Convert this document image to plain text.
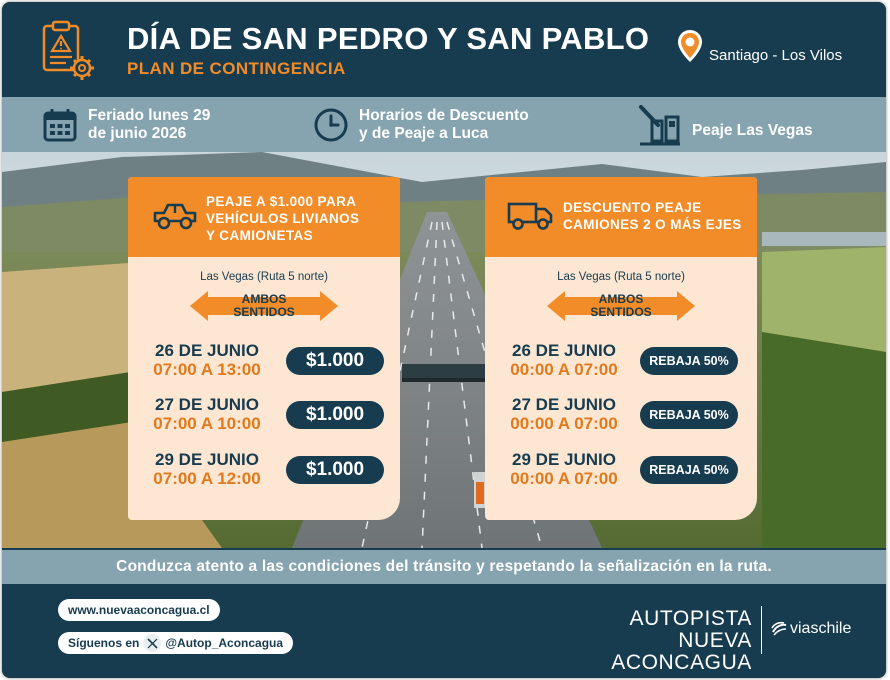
DÍA DE SAN PEDRO Y SAN PABLO
PLAN DE CONTINGENCIA
Santiago - Los Vilos
Feriado lunes 29
de junio 2026
Horarios de Descuento
y de Peaje a Luca	Peaje Las Vegas
PEAJE A $1.000 PARA
VEHÍCULOS LIVIANOS
Y CAMIONETAS
Las Vegas (Ruta 5 norte)
AMBOS
SENTIDOS
26 DE JUNIO
07:00 A 13:00	$1.000
27 DE JUNIO
07:00 A 10:00	$1.000
29 DE JUNIO
07:00 A 12:00	$1.000
DESCUENTO PEAJE
CAMIONES 2 O MÁS EJES
Las Vegas (Ruta 5 norte)
AMBOS
SENTIDOS
26 DE JUNIO
00:00 A 07:00	REBAJA 50%
27 DE JUNIO
00:00 A 07:00	REBAJA 50%
29 DE JUNIO
00:00 A 07:00	REBAJA 50%
Conduzca atento a las condiciones del tránsito y respetando la señalización en la ruta.
www.nuevaaconcagua.cl
Síguenos en @Autop_Aconcagua
AUTOPISTA
NUEVA ACONCAGUA
viaschile
